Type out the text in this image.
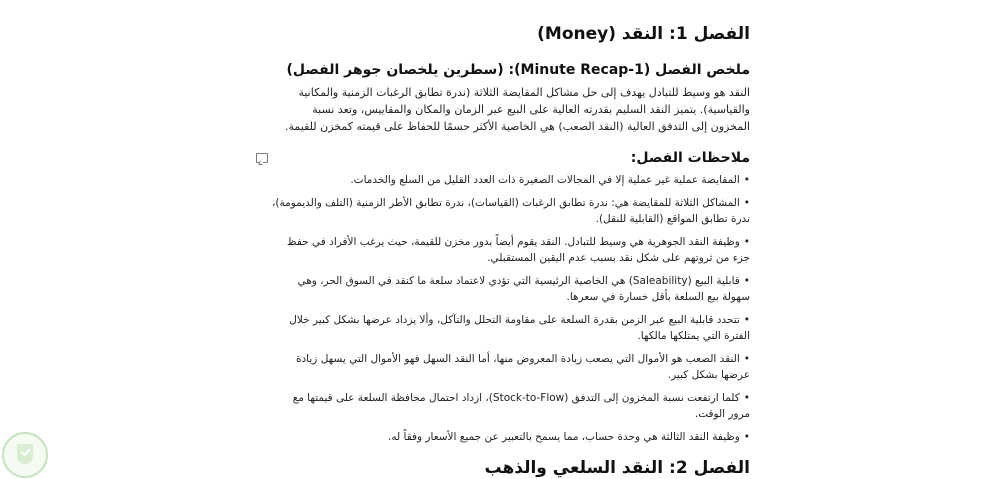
الفصل 1: النقد (Money)
ملخص الفصل (Minute Recap-1): (سطرين يلخصان جوهر الفصل)
النقد هو وسيط للتبادل يهدف إلى حل مشاكل المقايضة الثلاثة (ندرة تطابق الرغبات الزمنية والمكانية والقياسية). يتميز النقد السليم بقدرته العالية على البيع عبر الزمان والمكان والمقاييس، وتعد نسبة المخزون إلى التدفق العالية (النقد الصعب) هي الخاصية الأكثر حسمًا للحفاظ على قيمته كمخزن للقيمة.
ملاحظات الفصل:
•المقايضة عملية غير عملية إلا في المجالات الصغيرة ذات العدد القليل من السلع والخدمات.
•المشاكل الثلاثة للمقايضة هي: ندرة تطابق الرغبات (القياسات)، ندرة تطابق الأطر الزمنية (التلف والديمومة)، ندرة تطابق المواقع (القابلية للنقل).
•وظيفة النقد الجوهرية هي وسيط للتبادل. النقد يقوم أيضاً بدور مخزن للقيمة، حيث يرغب الأفراد في حفظ جزء من ثروتهم على شكل نقد بسبب عدم اليقين المستقبلي.
•قابلية البيع (Saleability) هي الخاصية الرئيسية التي تؤدي لاعتماد سلعة ما كنقد في السوق الحر، وهي سهولة بيع السلعة بأقل خسارة في سعرها.
•تتحدد قابلية البيع عبر الزمن بقدرة السلعة على مقاومة التحلل والتآكل، وألا يزداد عرضها بشكل كبير خلال الفترة التي يمتلكها مالكها.
•النقد الصعب هو الأموال التي يصعب زيادة المعروض منها، أما النقد السهل فهو الأموال التي يسهل زيادة عرضها بشكل كبير.
•كلما ارتفعت نسبة المخزون إلى التدفق (Stock-to-Flow)، ازداد احتمال محافظة السلعة على قيمتها مع مرور الوقت.
•وظيفة النقد الثالثة هي وحدة حساب، مما يسمح بالتعبير عن جميع الأسعار وفقاً له.
الفصل 2: النقد السلعي والذهب
